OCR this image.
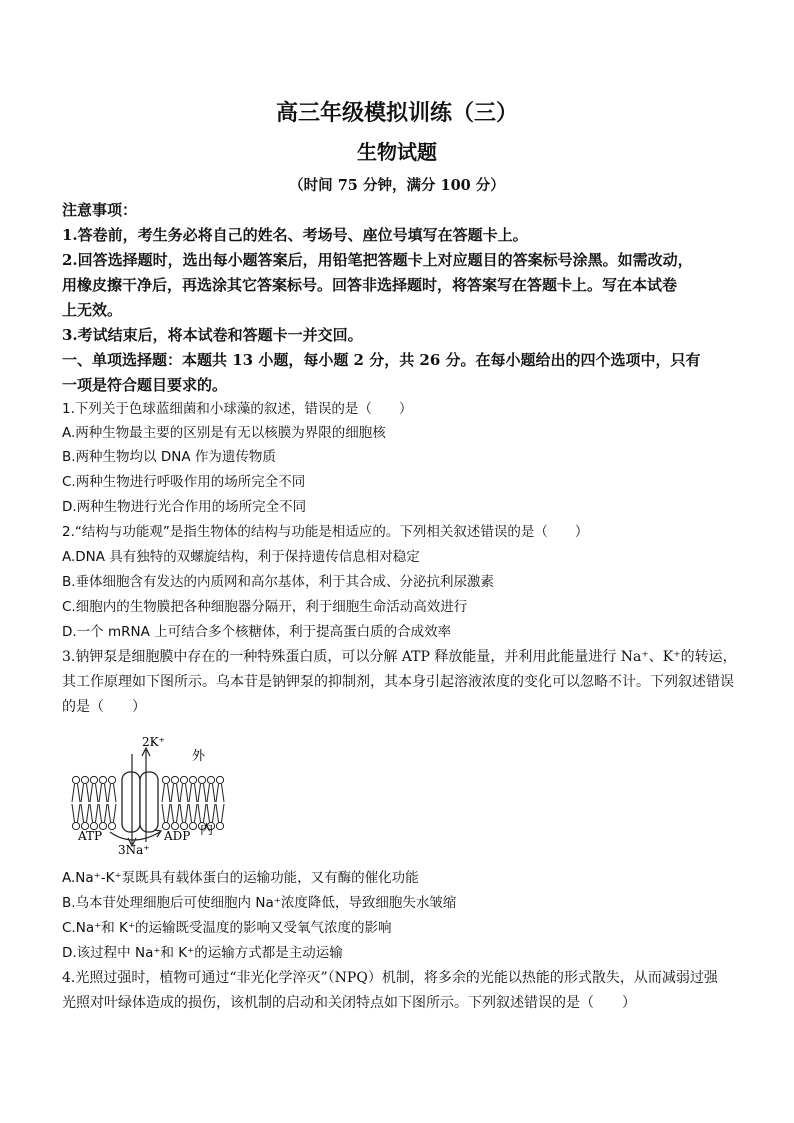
高三年级模拟训练（三）
生物试题
（时间 75 分钟，满分 100 分）
注意事项：
1.答卷前，考生务必将自己的姓名、考场号、座位号填写在答题卡上。
2.回答选择题时，选出每小题答案后，用铅笔把答题卡上对应题目的答案标号涂黑。如需改动，
用橡皮擦干净后，再选涂其它答案标号。回答非选择题时，将答案写在答题卡上。写在本试卷
上无效。
3.考试结束后，将本试卷和答题卡一并交回。
一、单项选择题：本题共 13 小题，每小题 2 分，共 26 分。在每小题给出的四个选项中，只有
一项是符合题目要求的。
1.下列关于色球蓝细菌和小球藻的叙述，错误的是（　　）
A.两种生物最主要的区别是有无以核膜为界限的细胞核
B.两种生物均以 DNA 作为遗传物质
C.两种生物进行呼吸作用的场所完全不同
D.两种生物进行光合作用的场所完全不同
2.“结构与功能观”是指生物体的结构与功能是相适应的。下列相关叙述错误的是（　　）
A.DNA 具有独特的双螺旋结构，利于保持遗传信息相对稳定
B.垂体细胞含有发达的内质网和高尔基体，利于其合成、分泌抗利尿激素
C.细胞内的生物膜把各种细胞器分隔开，利于细胞生命活动高效进行
D.一个 mRNA 上可结合多个核糖体，利于提高蛋白质的合成效率
3.钠钾泵是细胞膜中存在的一种特殊蛋白质，可以分解 ATP 释放能量，并利用此能量进行 Na⁺、K⁺的转运，
其工作原理如下图所示。乌本苷是钠钾泵的抑制剂，其本身引起溶液浓度的变化可以忽略不计。下列叙述错误
的是（　　）
2K⁺
外
内
ATP	ADP
3Na⁺
A.Na⁺-K⁺泵既具有载体蛋白的运输功能，又有酶的催化功能
B.乌本苷处理细胞后可使细胞内 Na⁺浓度降低，导致细胞失水皱缩
C.Na⁺和 K⁺的运输既受温度的影响又受氧气浓度的影响
D.该过程中 Na⁺和 K⁺的运输方式都是主动运输
4.光照过强时，植物可通过“非光化学淬灭”（NPQ）机制，将多余的光能以热能的形式散失，从而减弱过强
光照对叶绿体造成的损伤，该机制的启动和关闭特点如下图所示。下列叙述错误的是（　　）
